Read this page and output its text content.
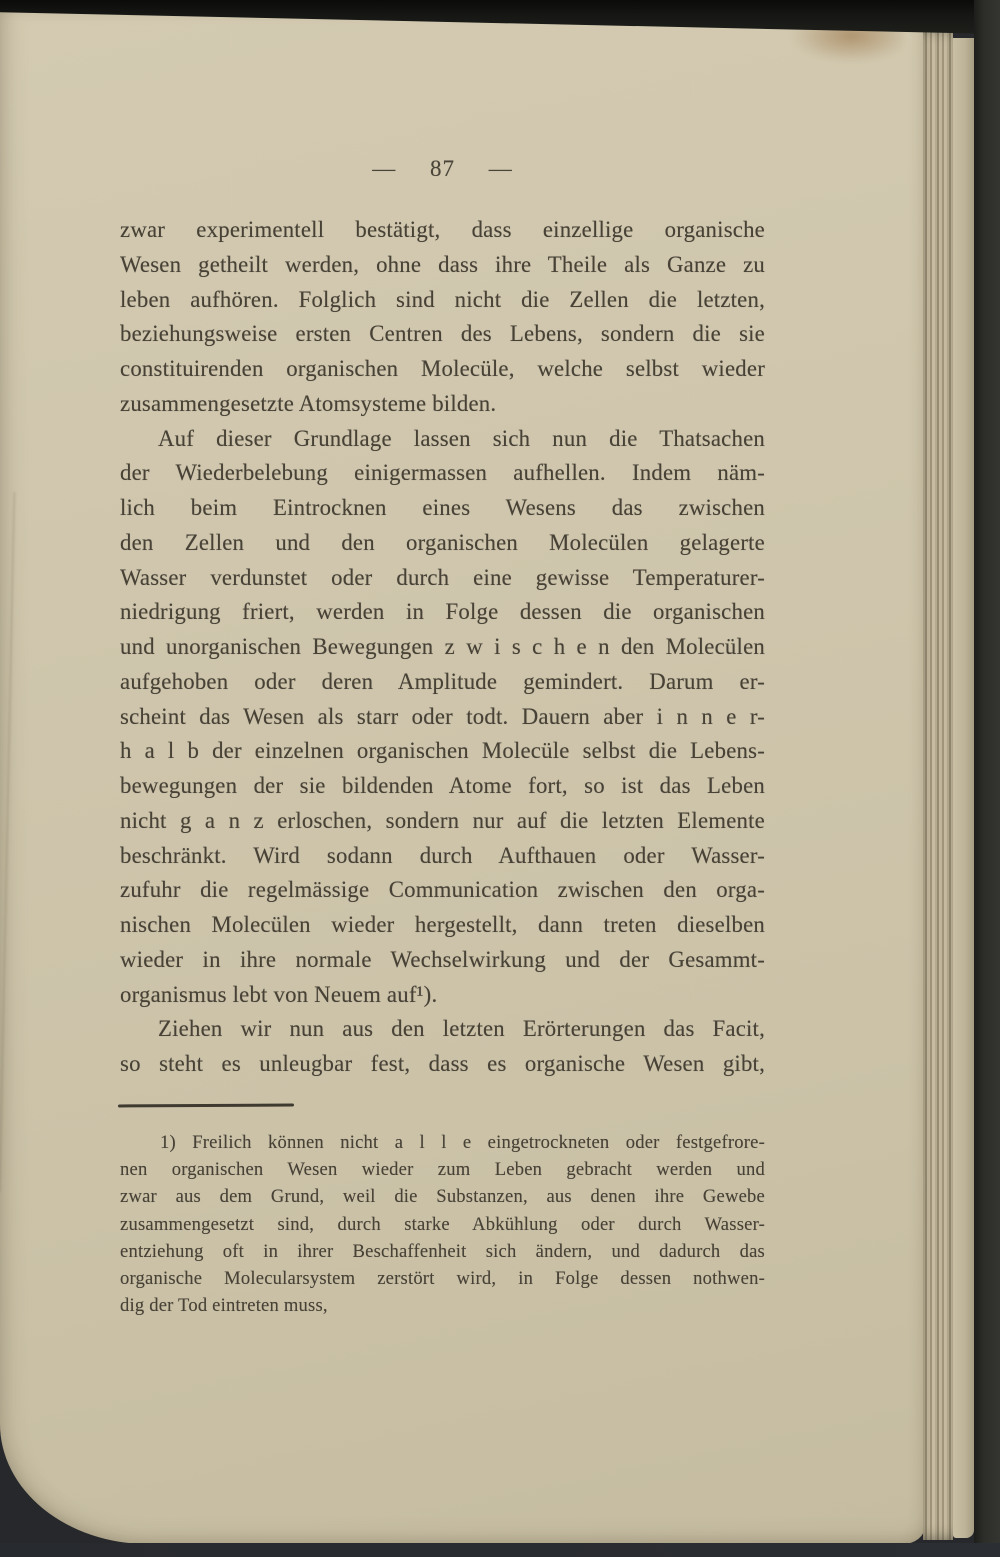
— 87 —
zwar experimentell bestätigt, dass einzellige organische
Wesen getheilt werden, ohne dass ihre Theile als Ganze zu
leben aufhören. Folglich sind nicht die Zellen die letzten,
beziehungsweise ersten Centren des Lebens, sondern die sie
constituirenden organischen Molecüle, welche selbst wieder
zusammengesetzte Atomsysteme bilden.
Auf dieser Grundlage lassen sich nun die Thatsachen
der Wiederbelebung einigermassen aufhellen. Indem näm-
lich beim Eintrocknen eines Wesens das zwischen
den Zellen und den organischen Molecülen gelagerte
Wasser verdunstet oder durch eine gewisse Temperaturer-
niedrigung friert, werden in Folge dessen die organischen
und unorganischen Bewegungen z w i s c h e n den Molecülen
aufgehoben oder deren Amplitude gemindert. Darum er-
scheint das Wesen als starr oder todt. Dauern aber i n n e r-
h a l b der einzelnen organischen Molecüle selbst die Lebens-
bewegungen der sie bildenden Atome fort, so ist das Leben
nicht g a n z erloschen, sondern nur auf die letzten Elemente
beschränkt. Wird sodann durch Aufthauen oder Wasser-
zufuhr die regelmässige Communication zwischen den orga-
nischen Molecülen wieder hergestellt, dann treten dieselben
wieder in ihre normale Wechselwirkung und der Gesammt-
organismus lebt von Neuem auf¹).
Ziehen wir nun aus den letzten Erörterungen das Facit,
so steht es unleugbar fest, dass es organische Wesen gibt,
1) Freilich können nicht a l l e eingetrockneten oder festgefrore-
nen organischen Wesen wieder zum Leben gebracht werden und
zwar aus dem Grund, weil die Substanzen, aus denen ihre Gewebe
zusammengesetzt sind, durch starke Abkühlung oder durch Wasser-
entziehung oft in ihrer Beschaffenheit sich ändern, und dadurch das
organische Molecularsystem zerstört wird, in Folge dessen nothwen-
dig der Tod eintreten muss,
